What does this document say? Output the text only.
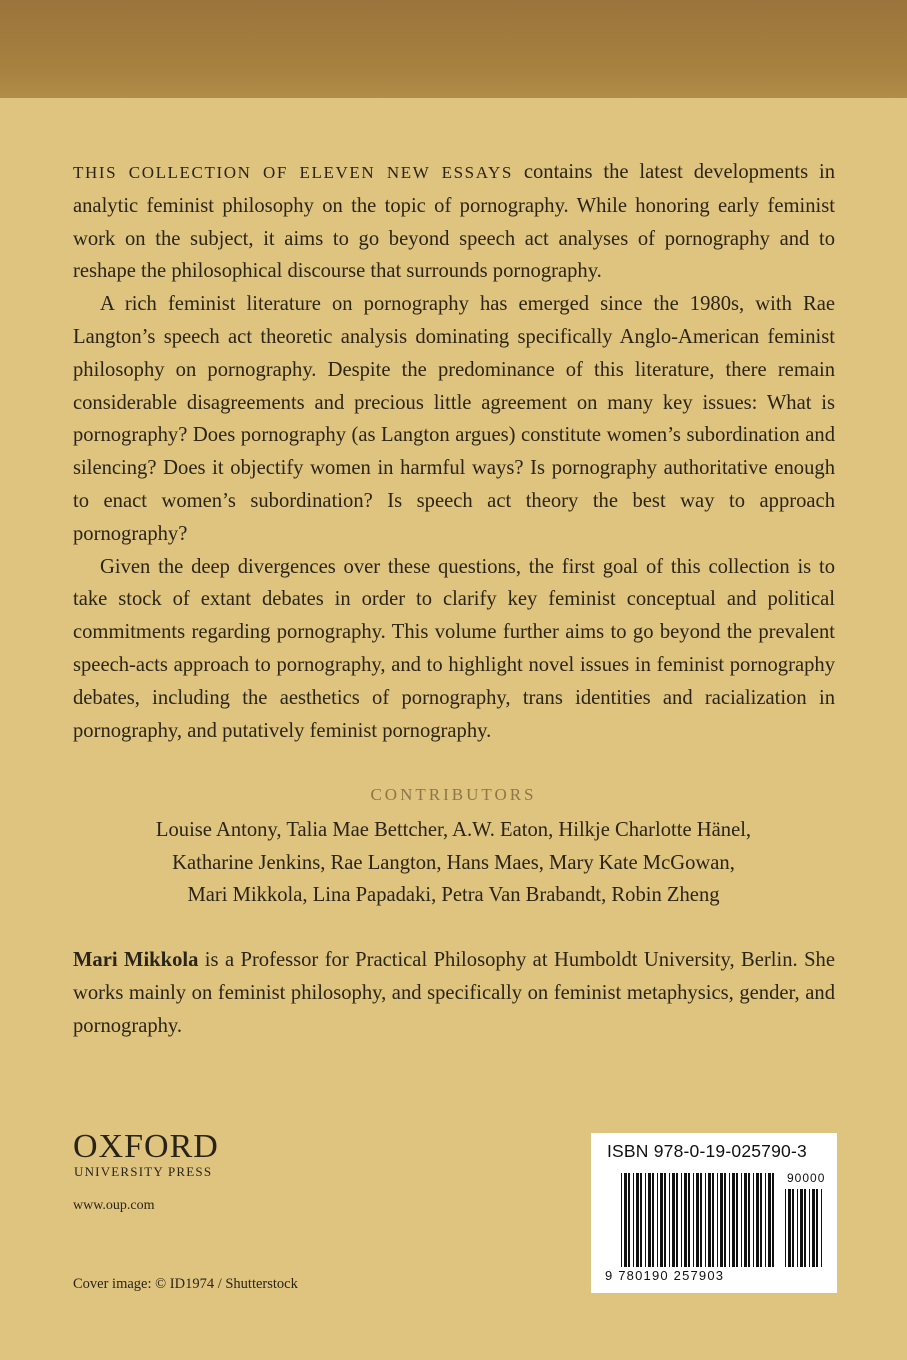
THIS COLLECTION OF ELEVEN NEW ESSAYS contains the latest developments in analytic feminist philosophy on the topic of pornography. While honoring early feminist work on the subject, it aims to go beyond speech act analyses of pornography and to reshape the philosophical discourse that surrounds pornography.

A rich feminist literature on pornography has emerged since the 1980s, with Rae Langton’s speech act theoretic analysis dominating specifically Anglo-American feminist philosophy on pornography. Despite the predominance of this literature, there remain considerable disagreements and precious little agreement on many key issues: What is pornography? Does pornography (as Langton argues) constitute women’s subordination and silencing? Does it objectify women in harmful ways? Is pornography authoritative enough to enact women’s subordination? Is speech act theory the best way to approach pornography?

Given the deep divergences over these questions, the first goal of this collection is to take stock of extant debates in order to clarify key feminist conceptual and political commitments regarding pornography. This volume further aims to go beyond the prevalent speech-acts approach to pornography, and to highlight novel issues in feminist pornography debates, including the aesthetics of pornography, trans identities and racialization in pornography, and putatively feminist pornography.

CONTRIBUTORS
Louise Antony, Talia Mae Bettcher, A.W. Eaton, Hilkje Charlotte Hänel,
Katharine Jenkins, Rae Langton, Hans Maes, Mary Kate McGowan,
Mari Mikkola, Lina Papadaki, Petra Van Brabandt, Robin Zheng
Mari Mikkola is a Professor for Practical Philosophy at Humboldt University, Berlin. She works mainly on feminist philosophy, and specifically on feminist metaphysics, gender, and pornography.
OXFORD
UNIVERSITY PRESS
www.oup.com
Cover image: © ID1974 / Shutterstock
ISBN 978-0-19-025790-3
9 780190 257903
90000
